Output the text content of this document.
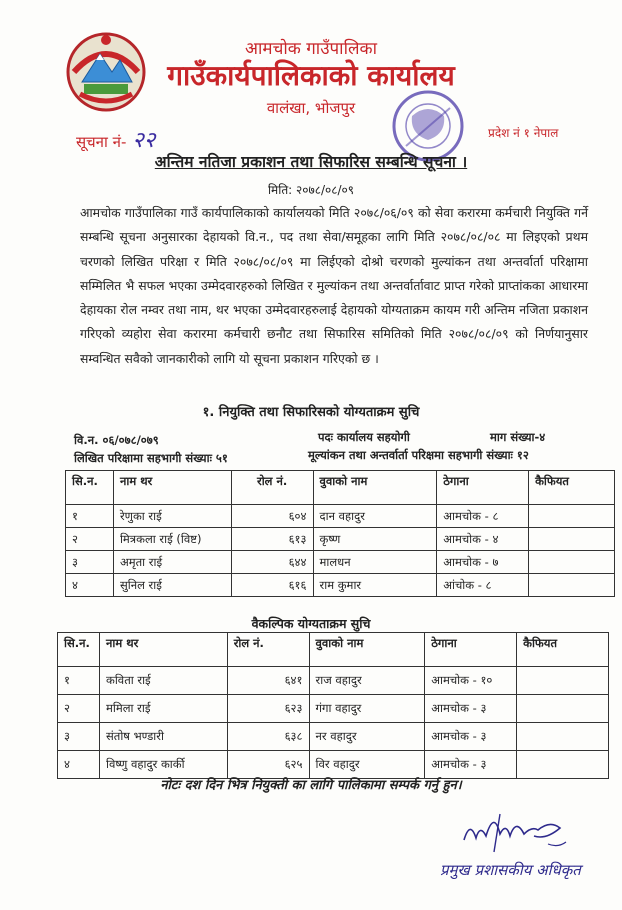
आमचोक गाउँपालिका
गाउँकार्यपालिकाको कार्यालय
वालंखा, भोजपुर
सूचना नं- २२	प्रदेश नं १ नेपाल
अन्तिम नतिजा प्रकाशन तथा सिफारिस सम्बन्धि सूचना ।
मिति: २०७८/०८/०९
आमचोक गाउँपालिका गाउँ कार्यपालिकाको कार्यालयको मिति २०७८/०६/०९ को सेवा करारमा कर्मचारी नियुक्ति गर्ने सम्बन्धि सूचना अनुसारका देहायको वि.न., पद तथा सेवा/समूहका लागि मिति २०७८/०८/०८ मा लिइएको प्रथम चरणको लिखित परिक्षा र मिति २०७८/०८/०९ मा लिईएको दोश्रो चरणको मुल्यांकन तथा अन्तर्वार्ता परिक्षामा सम्मिलित भै सफल भएका उम्मेदवारहरुको लिखित र मुल्यांकन तथा अन्तर्वार्तावाट प्राप्त गरेको प्राप्तांकका आधारमा देहायका रोल नम्वर तथा नाम, थर भएका उम्मेदवारहरुलाई देहायको योग्यताक्रम कायम गरी अन्तिम नजिता प्रकाशन गरिएको व्यहोरा सेवा करारमा कर्मचारी छनौट तथा सिफारिस समितिको मिति २०७८/०८/०९ को निर्णयानुसार सम्वन्धित सवैको जानकारीको लागि यो सूचना प्रकाशन गरिएको छ ।
१. नियुक्ति तथा सिफारिसको योग्यताक्रम सुचि
वि.न. ०६/०७८/०७९	पदः कार्यालय सहयोगी	माग संख्या-४
लिखित परिक्षामा सहभागी संख्याः ५१	मूल्यांकन तथा अन्तर्वार्ता परिक्षमा सहभागी संख्याः १२
सि.न.	नाम थर	रोल नं.	वुवाको नाम	ठेगाना	कैफियत
१	रेणुका राई	६०४	दान वहादुर	आमचोक - ८	
२	मित्रकला राई (विष्ट)	६१३	कृष्ण	आमचोक - ४	
३	अमृता राई	६४४	मालधन	आमचोक - ७	
४	सुनिल राई	६१६	राम कुमार	आंचोक - ८	
वैकल्पिक योग्यताक्रम सुचि
सि.न.	नाम थर	रोल नं.	वुवाको नाम	ठेगाना	कैफियत
१	कविता राई	६४१	राज वहादुर	आमचोक - १०	
२	ममिला राई	६२३	गंगा वहादुर	आमचोक - ३	
३	संतोष भण्डारी	६३८	नर वहादुर	आमचोक - ३	
४	विष्णु वहादुर कार्की	६२५	विर वहादुर	आमचोक - ३	
नोटः दश दिन भित्र नियुक्ती का लागि पालिकामा सम्पर्क गर्नु हुन।
प्रमुख प्रशासकीय अधिकृत
